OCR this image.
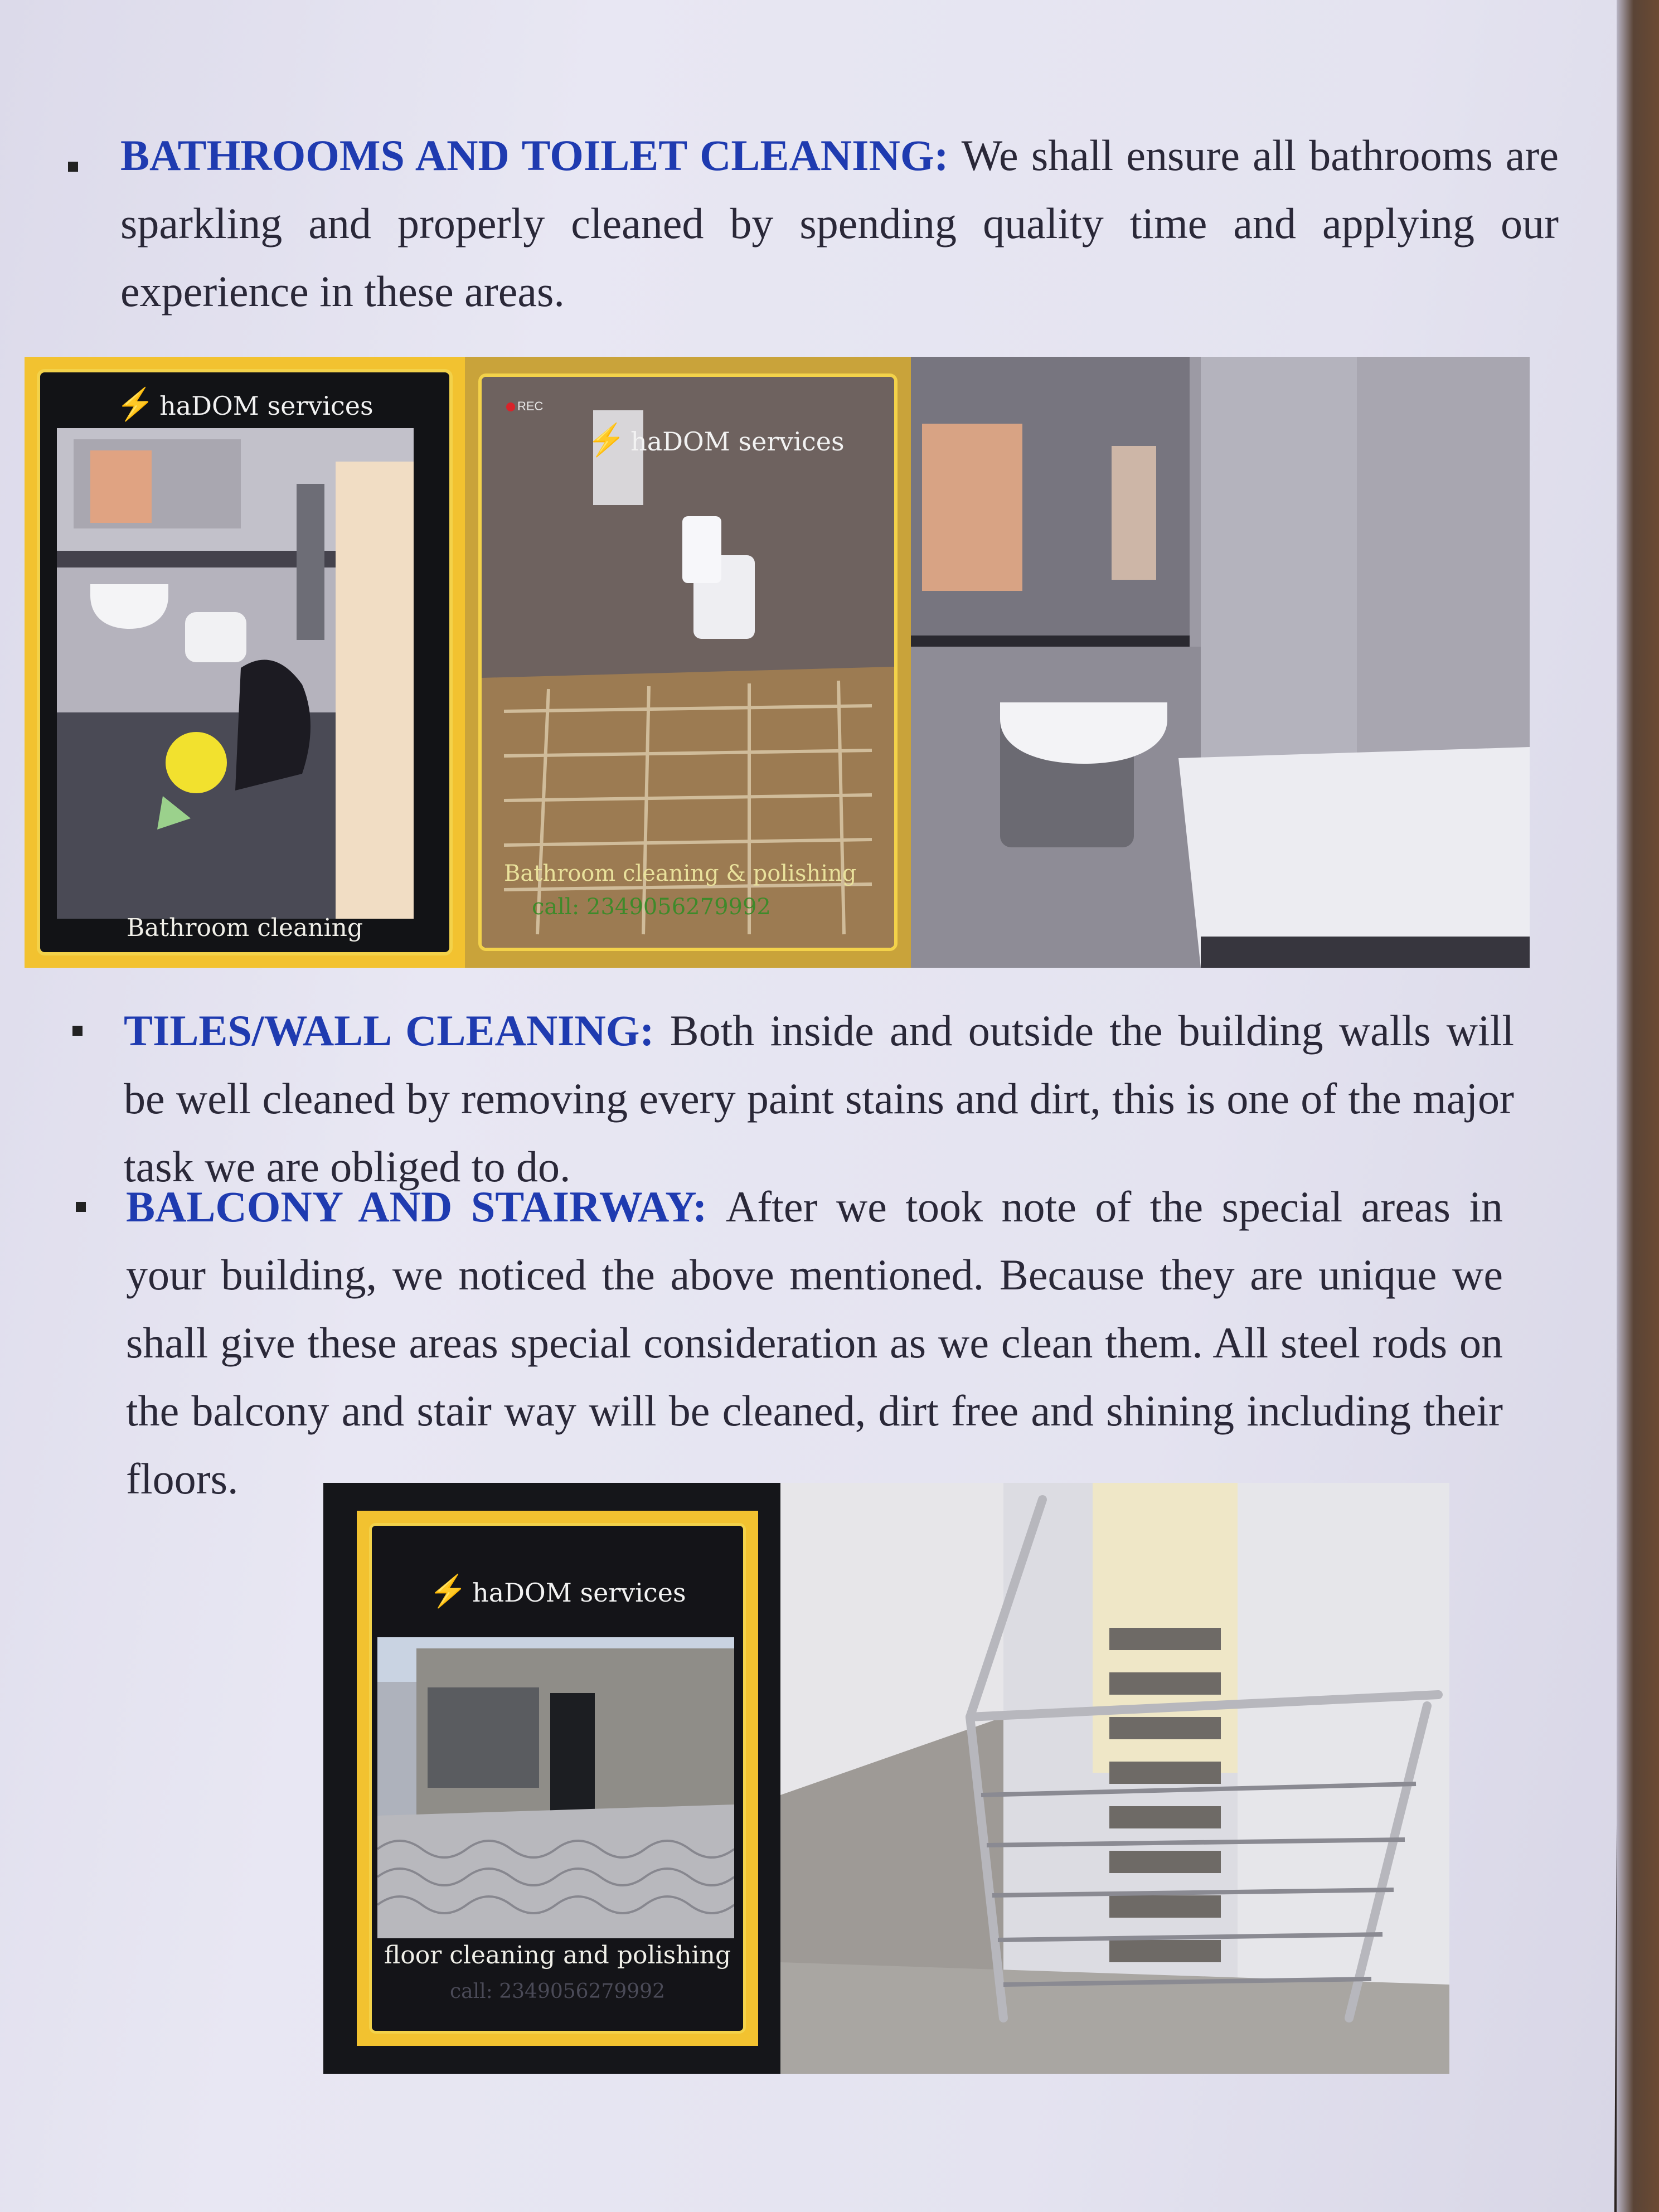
BATHROOMS AND TOILET CLEANING: We shall ensure all bathrooms are sparkling and properly cleaned by spending quality time and applying our experience in these areas.
⚡ haDOM services
Bathroom cleaning
REC
⚡ haDOM services
Bathroom cleaning & polishing
call: 2349056279992
TILES/WALL CLEANING: Both inside and outside the building walls will be well cleaned by removing every paint stains and dirt, this is one of the major task we are obliged to do.
BALCONY AND STAIRWAY: After we took note of the special areas in your building, we noticed the above mentioned. Because they are unique we shall give these areas special consideration as we clean them. All steel rods on the balcony and stair way will be cleaned, dirt free and shining including their floors.
⚡ haDOM services
floor cleaning and polishing
call: 2349056279992
